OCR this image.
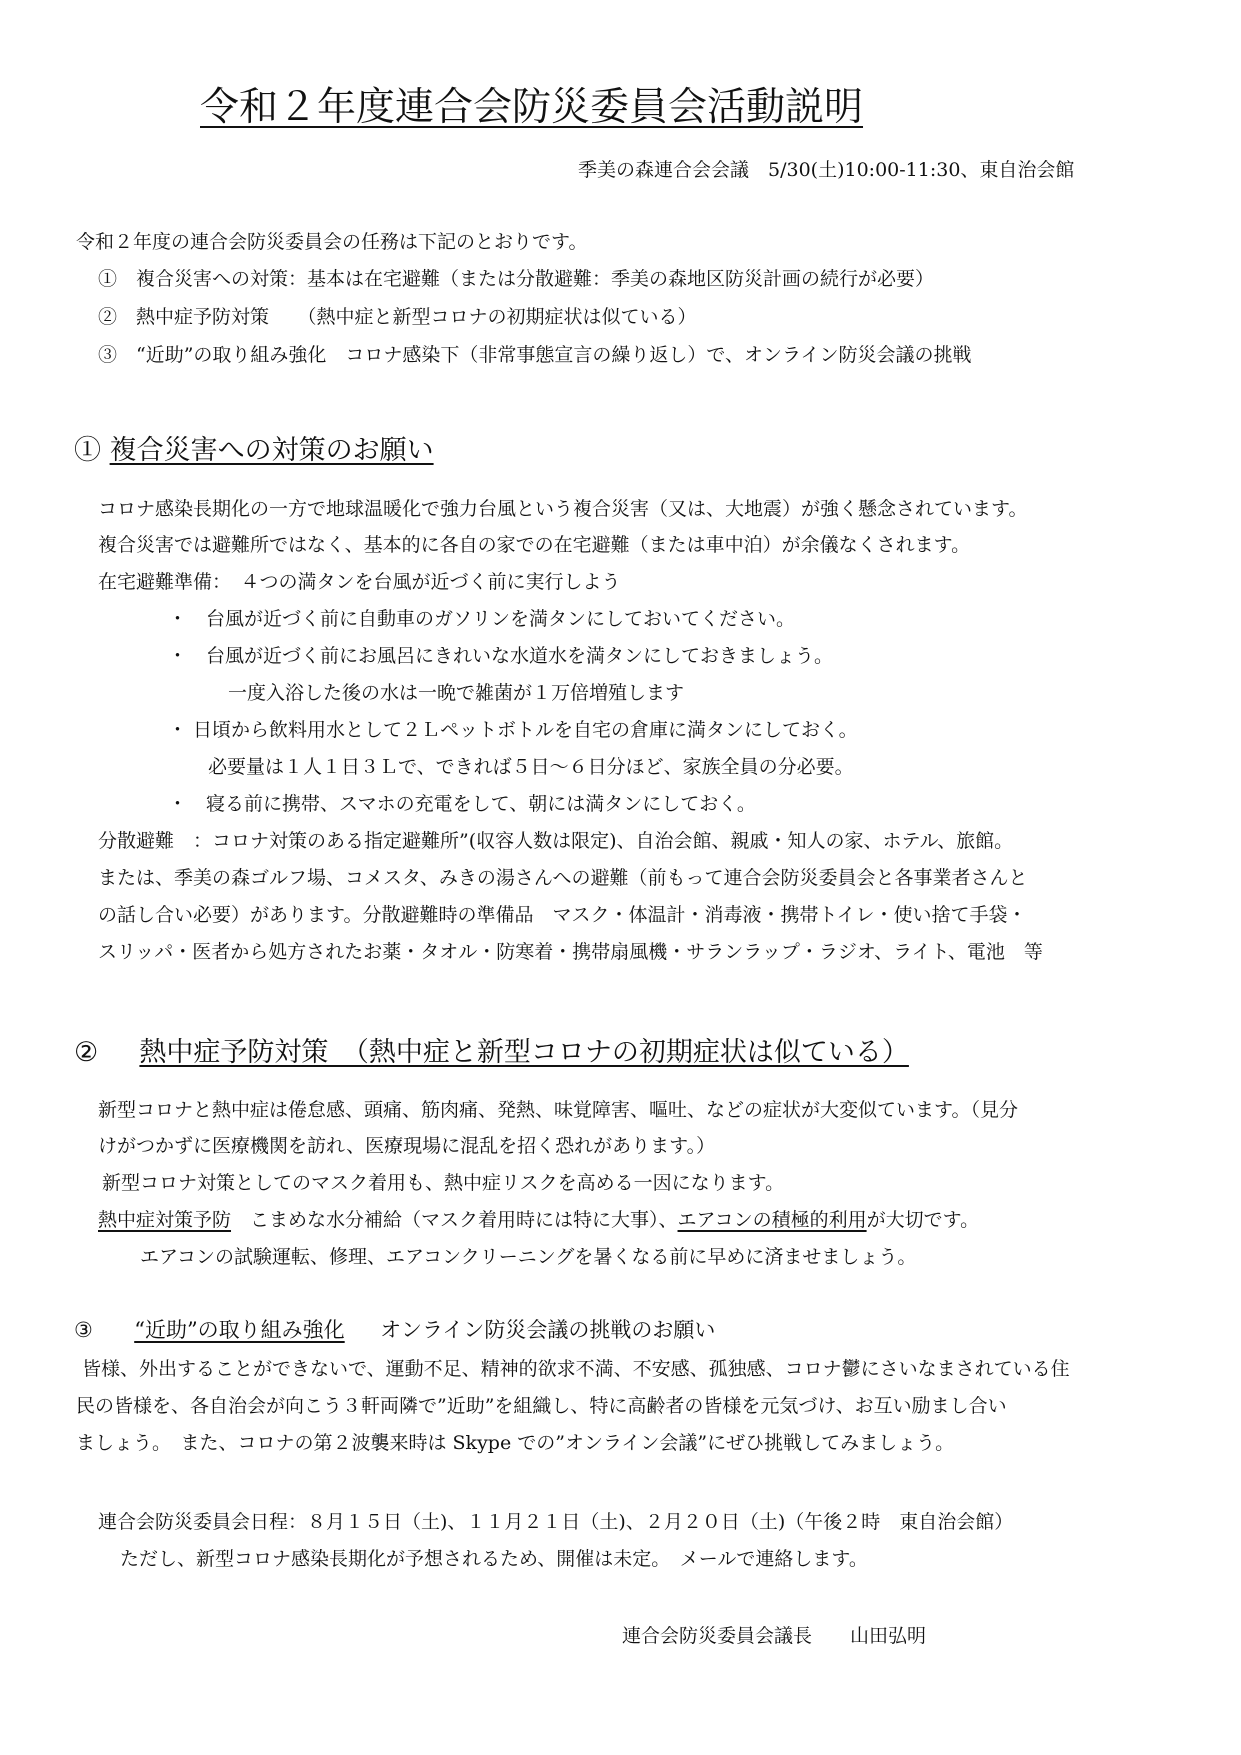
令和２年度連合会防災委員会活動説明
季美の森連合会会議　5/30(土)10:00-11:30、東自治会館
令和２年度の連合会防災委員会の任務は下記のとおりです。
①　複合災害への対策：基本は在宅避難（または分散避難：季美の森地区防災計画の続行が必要）
②　熱中症予防対策　　（熱中症と新型コロナの初期症状は似ている）
③　“近助”の取り組み強化　コロナ感染下（非常事態宣言の繰り返し）で、オンライン防災会議の挑戦
① 複合災害への対策のお願い
コロナ感染長期化の一方で地球温暖化で強力台風という複合災害（又は、大地震）が強く懸念されています。
複合災害では避難所ではなく、基本的に各自の家での在宅避難（または車中泊）が余儀なくされます。
在宅避難準備：　４つの満タンを台風が近づく前に実行しよう
・　台風が近づく前に自動車のガソリンを満タンにしておいてください。
・　台風が近づく前にお風呂にきれいな水道水を満タンにしておきましょう。
一度入浴した後の水は一晩で雑菌が１万倍増殖します
・ 日頃から飲料用水として２Ｌペットボトルを自宅の倉庫に満タンにしておく。
必要量は１人１日３Ｌで、できれば５日～６日分ほど、家族全員の分必要。
・　寝る前に携帯、スマホの充電をして、朝には満タンにしておく。
分散避難　：コロナ対策のある指定避難所”(収容人数は限定)、自治会館、親戚・知人の家、ホテル、旅館。
または、季美の森ゴルフ場、コメスタ、みきの湯さんへの避難（前もって連合会防災委員会と各事業者さんと
の話し合い必要）があります。分散避難時の準備品　マスク・体温計・消毒液・携帯トイレ・使い捨て手袋・
スリッパ・医者から処方されたお薬・タオル・防寒着・携帯扇風機・サランラップ・ラジオ、ライト、電池　等
② 熱中症予防対策　（熱中症と新型コロナの初期症状は似ている）
新型コロナと熱中症は倦怠感、頭痛、筋肉痛、発熱、味覚障害、嘔吐、などの症状が大変似ています。（見分
けがつかずに医療機関を訪れ、医療現場に混乱を招く恐れがあります。）
新型コロナ対策としてのマスク着用も、熱中症リスクを高める一因になります。
熱中症対策予防　こまめな水分補給（マスク着用時には特に大事）、エアコンの積極的利用が大切です。
エアコンの試験運転、修理、エアコンクリーニングを暑くなる前に早めに済ませましょう。
③ “近助”の取り組み強化 オンライン防災会議の挑戦のお願い
皆様、外出することができないで、運動不足、精神的欲求不満、不安感、孤独感、コロナ鬱にさいなまされている住
民の皆様を、各自治会が向こう３軒両隣で”近助”を組織し、特に高齢者の皆様を元気づけ、お互い励まし合い
ましょう。　また、コロナの第２波襲来時は Skype での”オンライン会議”にぜひ挑戦してみましょう。
連合会防災委員会日程：８月１５日（土)、１１月２１日（土)、２月２０日（土)（午後２時　東自治会館）
ただし、新型コロナ感染長期化が予想されるため、開催は未定。　メールで連絡します。
連合会防災委員会議長　　山田弘明
